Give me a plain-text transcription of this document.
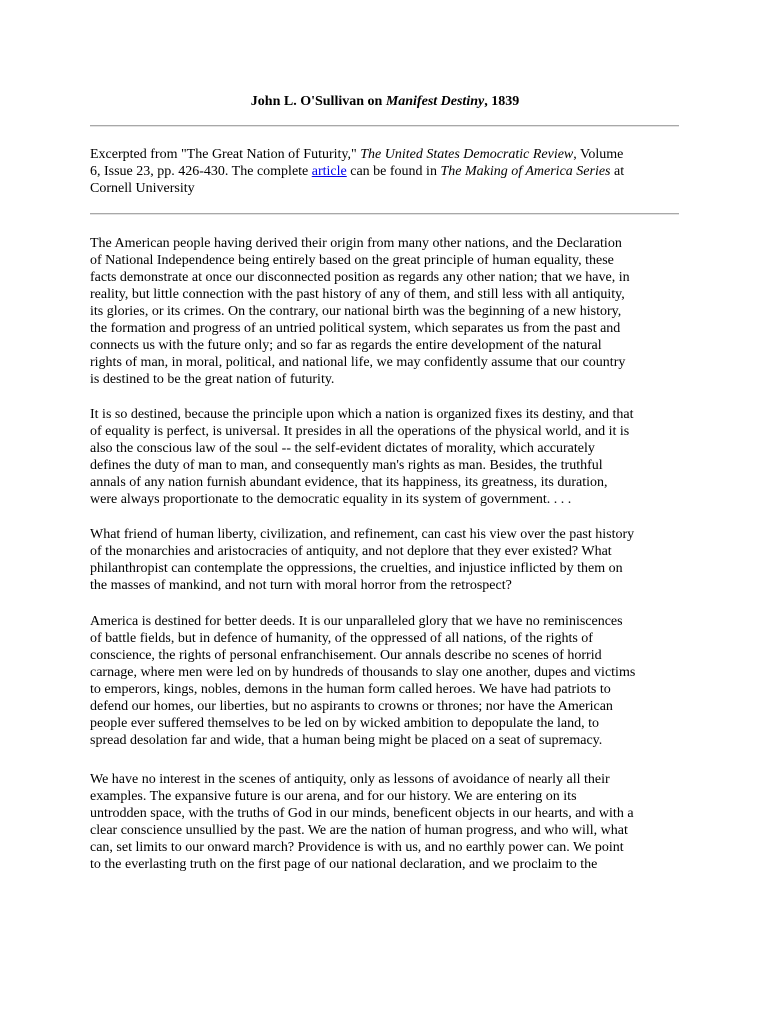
John L. O'Sullivan on Manifest Destiny, 1839
Excerpted from "The Great Nation of Futurity," The United States Democratic Review, Volume
6, Issue 23, pp. 426-430. The complete article can be found in The Making of America Series at
Cornell University
The American people having derived their origin from many other nations, and the Declaration
of National Independence being entirely based on the great principle of human equality, these
facts demonstrate at once our disconnected position as regards any other nation; that we have, in
reality, but little connection with the past history of any of them, and still less with all antiquity,
its glories, or its crimes. On the contrary, our national birth was the beginning of a new history,
the formation and progress of an untried political system, which separates us from the past and
connects us with the future only; and so far as regards the entire development of the natural
rights of man, in moral, political, and national life, we may confidently assume that our country
is destined to be the great nation of futurity.
It is so destined, because the principle upon which a nation is organized fixes its destiny, and that
of equality is perfect, is universal. It presides in all the operations of the physical world, and it is
also the conscious law of the soul -- the self-evident dictates of morality, which accurately
defines the duty of man to man, and consequently man's rights as man. Besides, the truthful
annals of any nation furnish abundant evidence, that its happiness, its greatness, its duration,
were always proportionate to the democratic equality in its system of government. . . .
What friend of human liberty, civilization, and refinement, can cast his view over the past history
of the monarchies and aristocracies of antiquity, and not deplore that they ever existed? What
philanthropist can contemplate the oppressions, the cruelties, and injustice inflicted by them on
the masses of mankind, and not turn with moral horror from the retrospect?
America is destined for better deeds. It is our unparalleled glory that we have no reminiscences
of battle fields, but in defence of humanity, of the oppressed of all nations, of the rights of
conscience, the rights of personal enfranchisement. Our annals describe no scenes of horrid
carnage, where men were led on by hundreds of thousands to slay one another, dupes and victims
to emperors, kings, nobles, demons in the human form called heroes. We have had patriots to
defend our homes, our liberties, but no aspirants to crowns or thrones; nor have the American
people ever suffered themselves to be led on by wicked ambition to depopulate the land, to
spread desolation far and wide, that a human being might be placed on a seat of supremacy.
We have no interest in the scenes of antiquity, only as lessons of avoidance of nearly all their
examples. The expansive future is our arena, and for our history. We are entering on its
untrodden space, with the truths of God in our minds, beneficent objects in our hearts, and with a
clear conscience unsullied by the past. We are the nation of human progress, and who will, what
can, set limits to our onward march? Providence is with us, and no earthly power can. We point
to the everlasting truth on the first page of our national declaration, and we proclaim to the
